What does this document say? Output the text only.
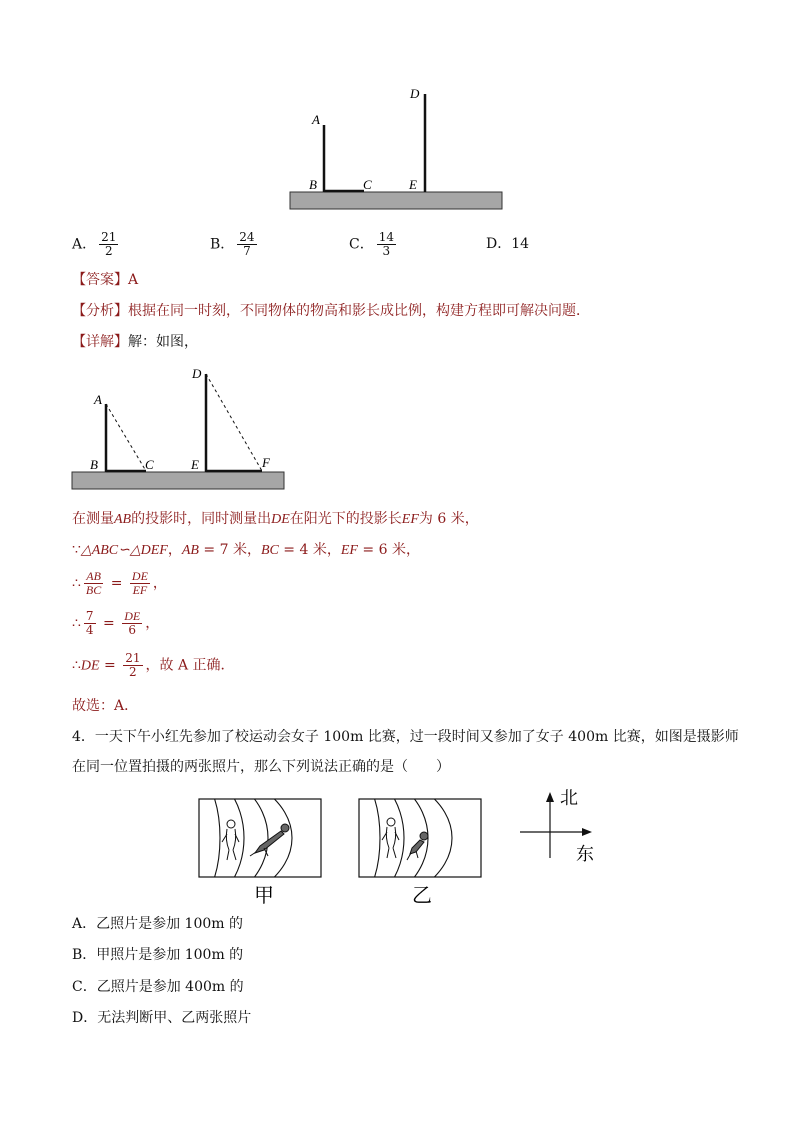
A
B	C
D
E
A． $\frac{21}{2}$	B． $\frac{24}{7}$	C． $\frac{14}{3}$	D．14
【答案】A
【分析】根据在同一时刻，不同物体的物高和影长成比例，构建方程即可解决问题．
【详解】解：如图，
A
B	C
D
E	F
在测量AB的投影时，同时测量出DE在阳光下的投影长EF为 6 米，
∵△ABC∽△DEF，AB = 7 米，BC = 4 米，EF = 6 米，
∴ $\frac{AB}{BC} = \frac{DE}{EF}$ ，
∴ $\frac{7}{4} = \frac{DE}{6}$ ，
∴DE = $\frac{21}{2}$ ，故 A 正确．
故选：A．
4．一天下午小红先参加了校运动会女子 100m 比赛，过一段时间又参加了女子 400m 比赛，如图是摄影师
在同一位置拍摄的两张照片，那么下列说法正确的是（　　）
甲	乙
北
东
A．乙照片是参加 100m 的
B．甲照片是参加 100m 的
C．乙照片是参加 400m 的
D．无法判断甲、乙两张照片
